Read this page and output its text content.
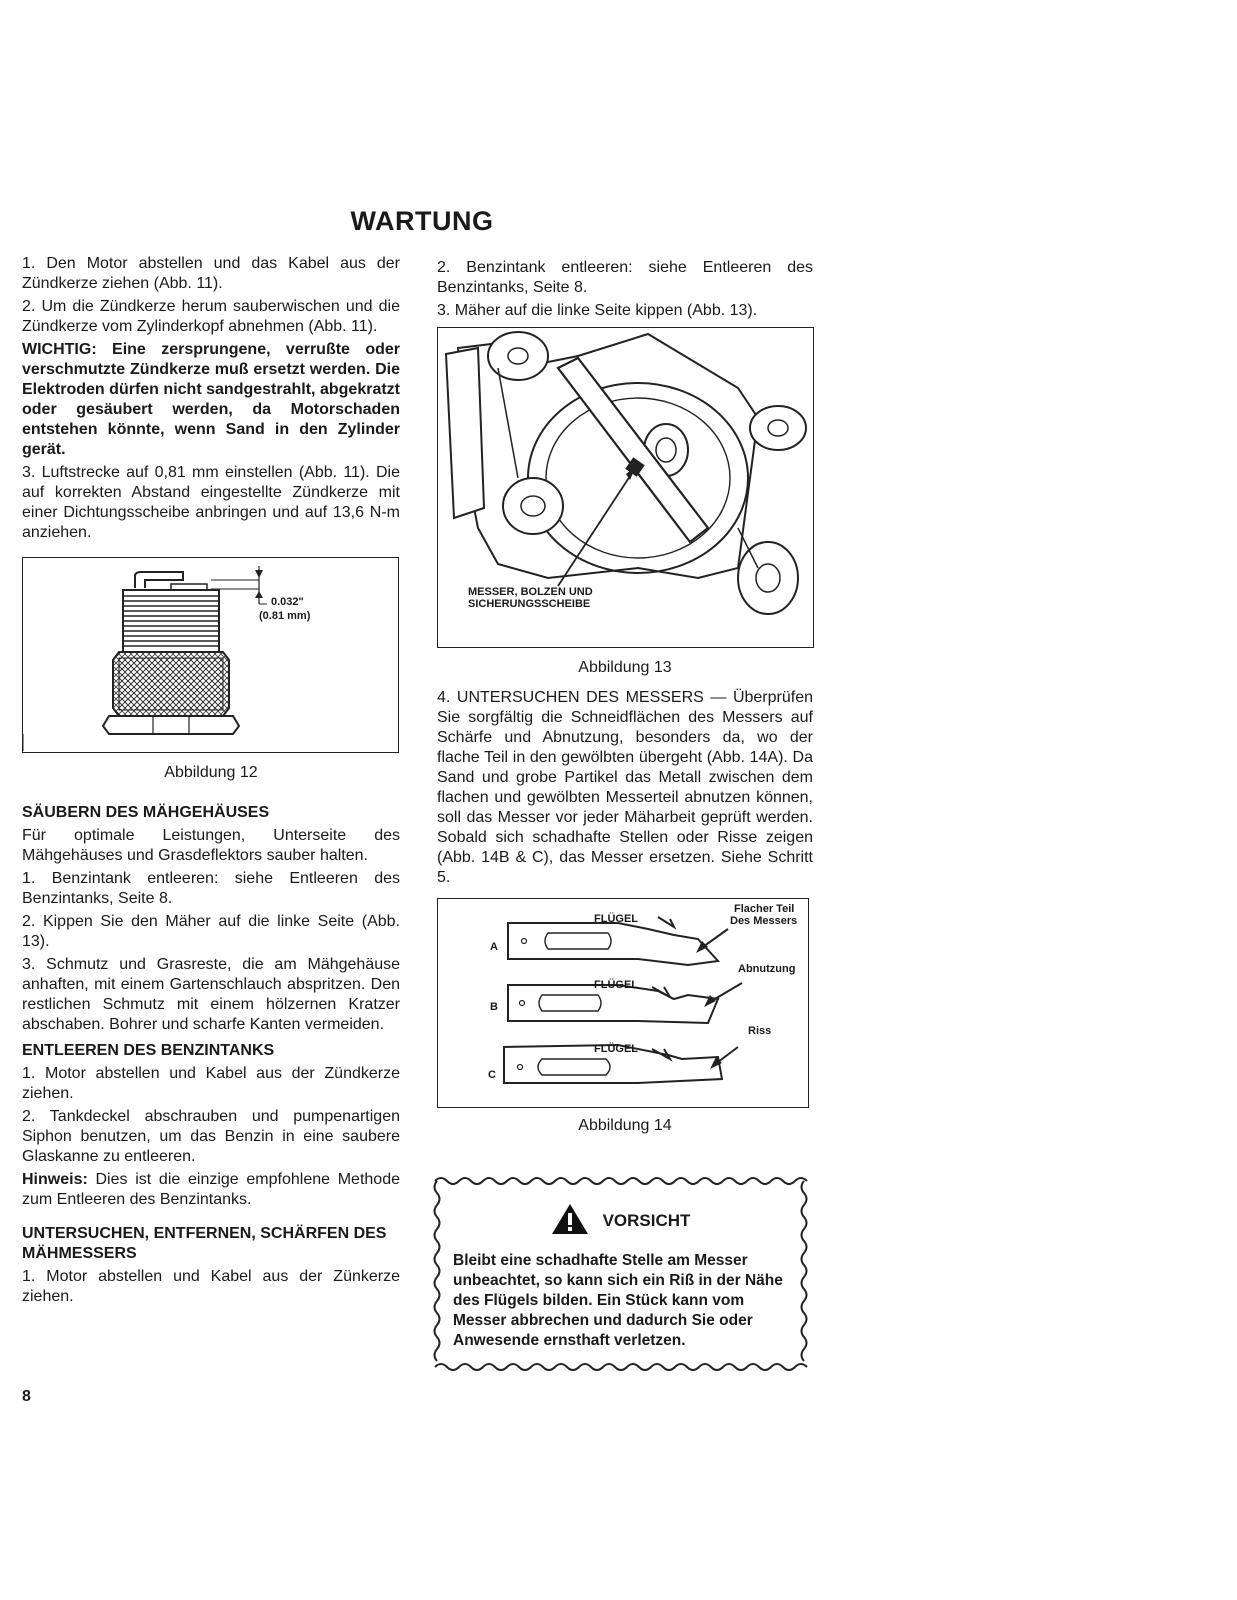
WARTUNG

1. Den Motor abstellen und das Kabel aus der Zündkerze ziehen (Abb. 11).

2. Um die Zündkerze herum sauberwischen und die Zündkerze vom Zylinderkopf abnehmen (Abb. 11).

WICHTIG: Eine zersprungene, verrußte oder verschmutzte Zündkerze muß ersetzt werden. Die Elektroden dürfen nicht sandgestrahlt, abgekratzt oder gesäubert werden, da Motorschaden entstehen könnte, wenn Sand in den Zylinder gerät.

3. Luftstrecke auf 0,81 mm einstellen (Abb. 11). Die auf korrekten Abstand eingestellte Zündkerze mit einer Dichtungsscheibe anbringen und auf 13,6 N-m anziehen.

0.032"
(0.81 mm)
Abbildung 12
SÄUBERN DES MÄHGEHÄUSES

Für optimale Leistungen, Unterseite des Mähgehäuses und Grasdeflektors sauber halten.

1. Benzintank entleeren: siehe Entleeren des Benzintanks, Seite 8.

2. Kippen Sie den Mäher auf die linke Seite (Abb. 13).

3. Schmutz und Grasreste, die am Mähgehäuse anhaften, mit einem Gartenschlauch abspritzen. Den restlichen Schmutz mit einem hölzernen Kratzer abschaben. Bohrer und scharfe Kanten vermeiden.

ENTLEEREN DES BENZINTANKS

1. Motor abstellen und Kabel aus der Zündkerze ziehen.

2. Tankdeckel abschrauben und pumpenartigen Siphon benutzen, um das Benzin in eine saubere Glaskanne zu entleeren.

Hinweis: Dies ist die einzige empfohlene Methode zum Entleeren des Benzintanks.

UNTERSUCHEN, ENTFERNEN, SCHÄRFEN DES MÄHMESSERS

1. Motor abstellen und Kabel aus der Zünkerze ziehen.

2. Benzintank entleeren: siehe Entleeren des Benzintanks, Seite 8.

3. Mäher auf die linke Seite kippen (Abb. 13).

MESSER, BOLZEN UND
SICHERUNGSSCHEIBE
Abbildung 13

4. UNTERSUCHEN DES MESSERS — Überprüfen Sie sorgfältig die Schneidflächen des Messers auf Schärfe und Abnutzung, besonders da, wo der flache Teil in den gewölbten übergeht (Abb. 14A). Da Sand und grobe Partikel das Metall zwischen dem flachen und gewölbten Messerteil abnutzen können, soll das Messer vor jeder Mäharbeit geprüft werden. Sobald sich schadhafte Stellen oder Risse zeigen (Abb. 14B & C), das Messer ersetzen. Siehe Schritt 5.

FLÜGEL
FLÜGEL
FLÜGEL
Flacher Teil
Des Messers
Abnutzung
Riss
A
B
C
Abbildung 14
VORSICHT
Bleibt eine schadhafte Stelle am Messer unbeachtet, so kann sich ein Riß in der Nähe des Flügels bilden. Ein Stück kann vom Messer abbrechen und dadurch Sie oder Anwesende ernsthaft verletzen.
8
